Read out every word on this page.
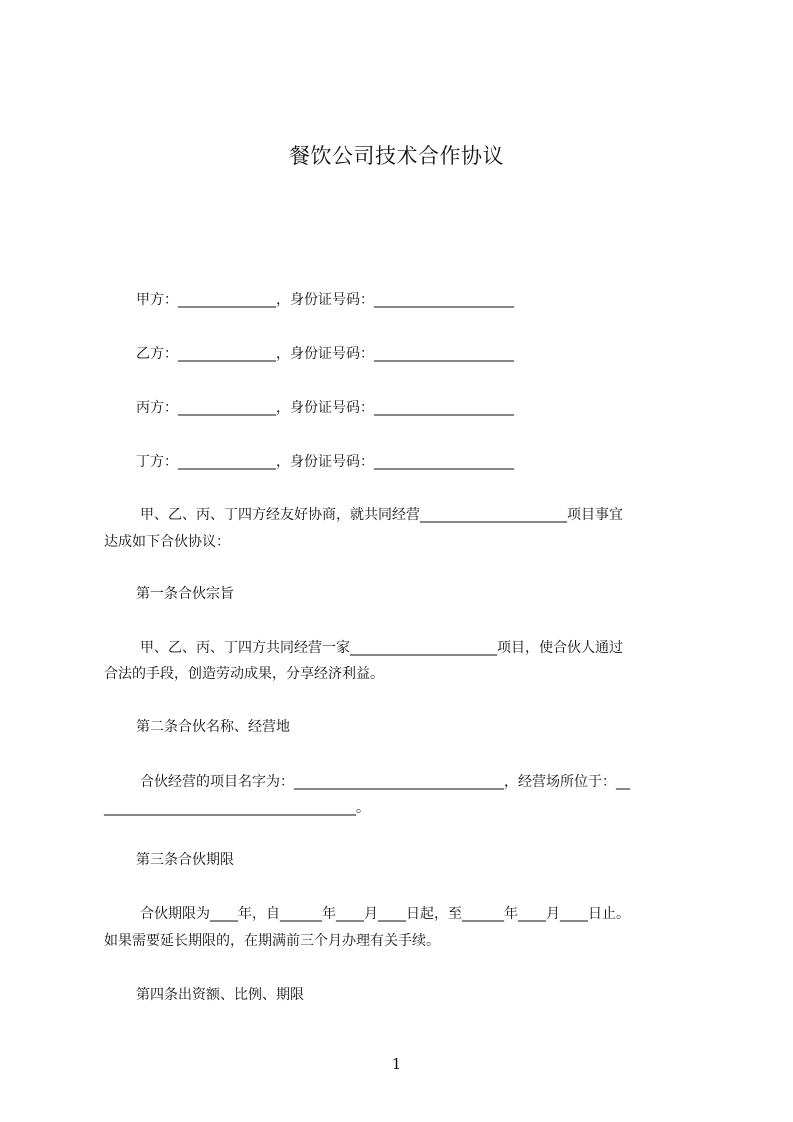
餐饮公司技术合作协议
甲方：______________，身份证号码：____________________
乙方：______________，身份证号码：____________________
丙方：______________，身份证号码：____________________
丁方：______________，身份证号码：____________________
甲、乙、丙、丁四方经友好协商，就共同经营_____________________项目事宜
达成如下合伙协议：
第一条合伙宗旨
甲、乙、丙、丁四方共同经营一家_____________________项目，使合伙人通过
合法的手段，创造劳动成果，分享经济利益。
第二条合伙名称、经营地
合伙经营的项目名字为：______________________________，经营场所位于：__
____________________________________。
第三条合伙期限
合伙期限为____年，自______年____月____日起，至______年____月____日止。
如果需要延长期限的，在期满前三个月办理有关手续。
第四条出资额、比例、期限
1
